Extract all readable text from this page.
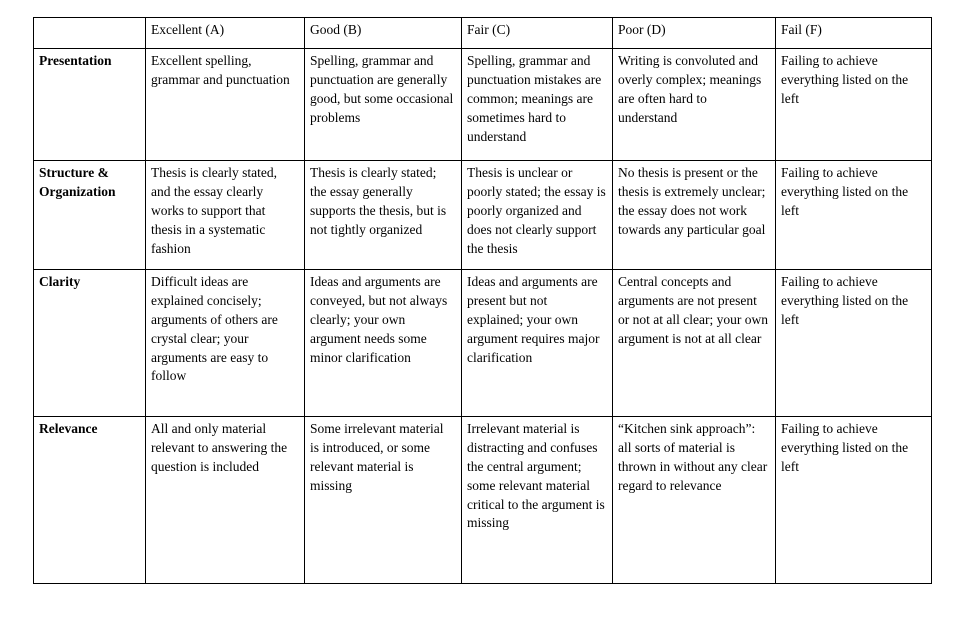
	Excellent (A)	Good (B)	Fair (C)	Poor (D)	Fail (F)
Presentation	Excellent spelling, grammar and punctuation	Spelling, grammar and punctuation are generally good, but some occasional problems	Spelling, grammar and punctuation mistakes are common; meanings are sometimes hard to understand	Writing is convoluted and overly complex; meanings are often hard to understand	Failing to achieve everything listed on the left
Structure & Organization	Thesis is clearly stated, and the essay clearly works to support that thesis in a systematic fashion	Thesis is clearly stated; the essay generally supports the thesis, but is not tightly organized	Thesis is unclear or poorly stated; the essay is poorly organized and does not clearly support the thesis	No thesis is present or the thesis is extremely unclear; the essay does not work towards any particular goal	Failing to achieve everything listed on the left
Clarity	Difficult ideas are explained concisely; arguments of others are crystal clear; your arguments are easy to follow	Ideas and arguments are conveyed, but not always clearly; your own argument needs some minor clarification	Ideas and arguments are present but not explained; your own argument requires major clarification	Central concepts and arguments are not present or not at all clear; your own argument is not at all clear	Failing to achieve everything listed on the left
Relevance	All and only material relevant to answering the question is included	Some irrelevant material is introduced, or some relevant material is missing	Irrelevant material is distracting and confuses the central argument; some relevant material critical to the argument is missing	“Kitchen sink approach”: all sorts of material is thrown in without any clear regard to relevance	Failing to achieve everything listed on the left
